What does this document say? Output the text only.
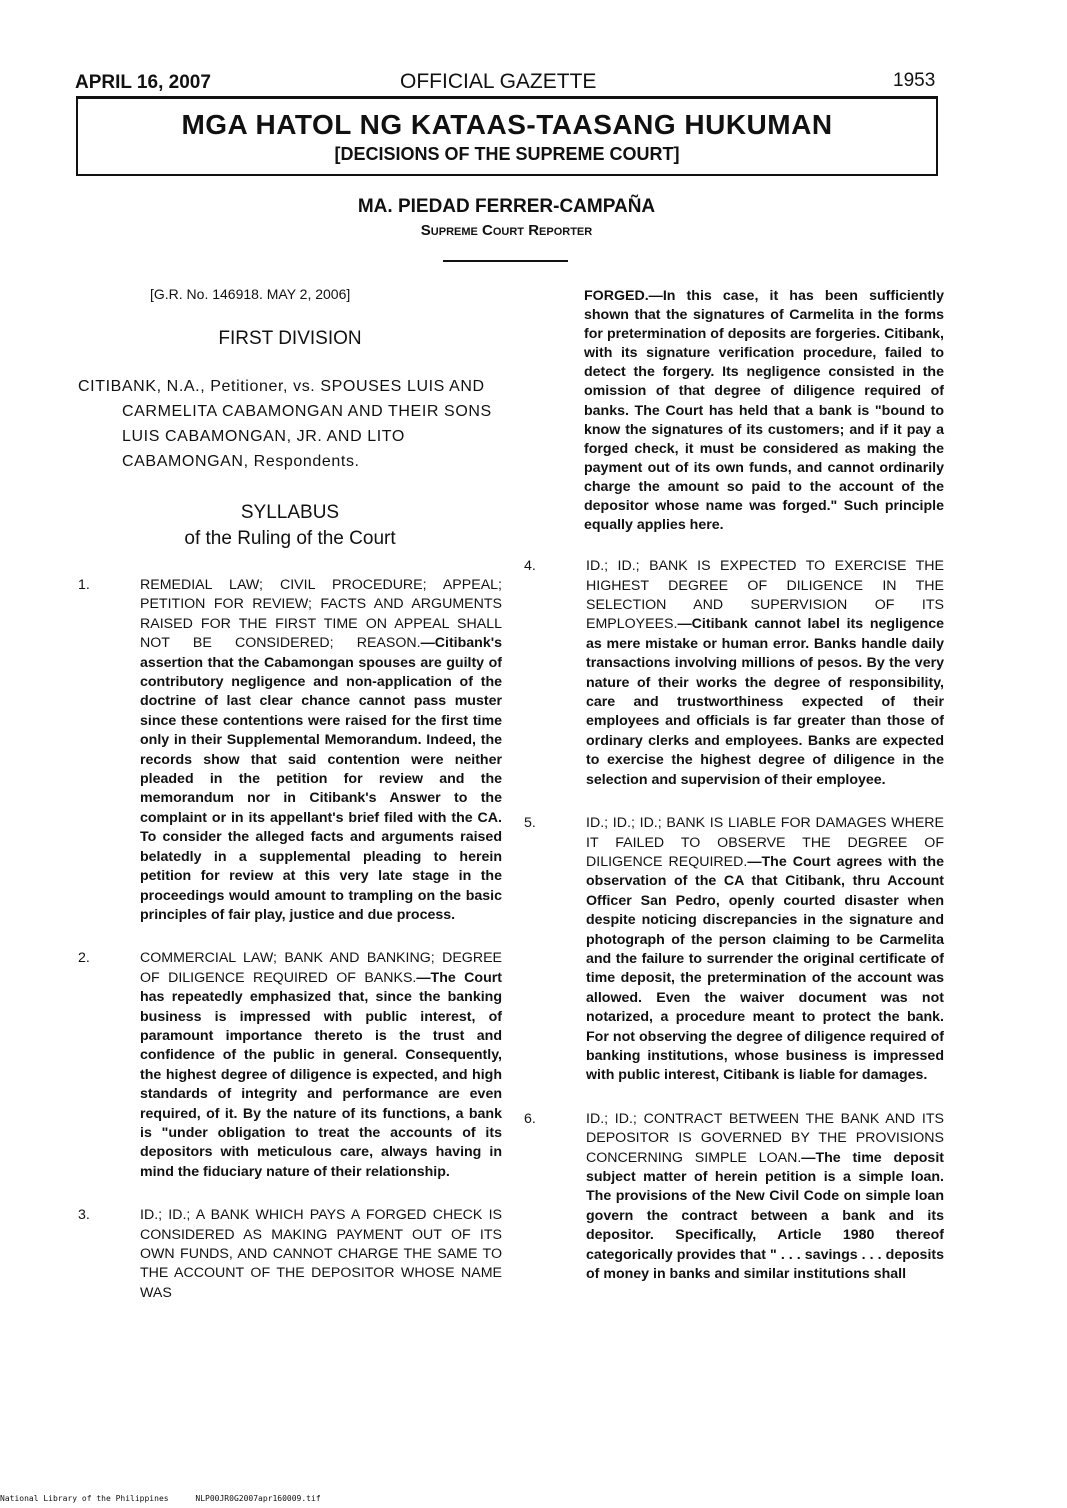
APRIL 16, 2007	OFFICIAL GAZETTE	1953
MGA HATOL NG KATAAS-TAASANG HUKUMAN
[DECISIONS OF THE SUPREME COURT]
MA. PIEDAD FERRER-CAMPAÑA
Supreme Court Reporter
[G.R. No. 146918. MAY 2, 2006]
FIRST DIVISION
CITIBANK, N.A., Petitioner, vs. SPOUSES LUIS AND CARMELITA CABAMONGAN AND THEIR SONS LUIS CABAMONGAN, JR. AND LITO CABAMONGAN, Respondents.
SYLLABUS
of the Ruling of the Court
1.	REMEDIAL LAW; CIVIL PROCEDURE; APPEAL; PETITION FOR REVIEW; FACTS AND ARGUMENTS RAISED FOR THE FIRST TIME ON APPEAL SHALL NOT BE CONSIDERED; REASON.—Citibank's assertion that the Cabamongan spouses are guilty of contributory negligence and non-application of the doctrine of last clear chance cannot pass muster since these contentions were raised for the first time only in their Supplemental Memorandum. Indeed, the records show that said contention were neither pleaded in the petition for review and the memorandum nor in Citibank's Answer to the complaint or in its appellant's brief filed with the CA. To consider the alleged facts and arguments raised belatedly in a supplemental pleading to herein petition for review at this very late stage in the proceedings would amount to trampling on the basic principles of fair play, justice and due process.
2.	COMMERCIAL LAW; BANK AND BANKING; DEGREE OF DILIGENCE REQUIRED OF BANKS.—The Court has repeatedly emphasized that, since the banking business is impressed with public interest, of paramount importance thereto is the trust and confidence of the public in general. Consequently, the highest degree of diligence is expected, and high standards of integrity and performance are even required, of it. By the nature of its functions, a bank is "under obligation to treat the accounts of its depositors with meticulous care, always having in mind the fiduciary nature of their relationship.
3.	ID.; ID.; A BANK WHICH PAYS A FORGED CHECK IS CONSIDERED AS MAKING PAYMENT OUT OF ITS OWN FUNDS, AND CANNOT CHARGE THE SAME TO THE ACCOUNT OF THE DEPOSITOR WHOSE NAME WAS
FORGED.—In this case, it has been sufficiently shown that the signatures of Carmelita in the forms for pretermination of deposits are forgeries. Citibank, with its signature verification procedure, failed to detect the forgery. Its negligence consisted in the omission of that degree of diligence required of banks. The Court has held that a bank is "bound to know the signatures of its customers; and if it pay a forged check, it must be considered as making the payment out of its own funds, and cannot ordinarily charge the amount so paid to the account of the depositor whose name was forged." Such principle equally applies here.
4.	ID.; ID.; BANK IS EXPECTED TO EXERCISE THE HIGHEST DEGREE OF DILIGENCE IN THE SELECTION AND SUPERVISION OF ITS EMPLOYEES.—Citibank cannot label its negligence as mere mistake or human error. Banks handle daily transactions involving millions of pesos. By the very nature of their works the degree of responsibility, care and trustworthiness expected of their employees and officials is far greater than those of ordinary clerks and employees. Banks are expected to exercise the highest degree of diligence in the selection and supervision of their employee.
5.	ID.; ID.; ID.; BANK IS LIABLE FOR DAMAGES WHERE IT FAILED TO OBSERVE THE DEGREE OF DILIGENCE REQUIRED.—The Court agrees with the observation of the CA that Citibank, thru Account Officer San Pedro, openly courted disaster when despite noticing discrepancies in the signature and photograph of the person claiming to be Carmelita and the failure to surrender the original certificate of time deposit, the pretermination of the account was allowed. Even the waiver document was not notarized, a procedure meant to protect the bank. For not observing the degree of diligence required of banking institutions, whose business is impressed with public interest, Citibank is liable for damages.
6.	ID.; ID.; CONTRACT BETWEEN THE BANK AND ITS DEPOSITOR IS GOVERNED BY THE PROVISIONS CONCERNING SIMPLE LOAN.—The time deposit subject matter of herein petition is a simple loan. The provisions of the New Civil Code on simple loan govern the contract between a bank and its depositor. Specifically, Article 1980 thereof categorically provides that " . . . savings . . . deposits of money in banks and similar institutions shall
National Library of the Philippines	NLP00JR0G2007apr160009.tif
